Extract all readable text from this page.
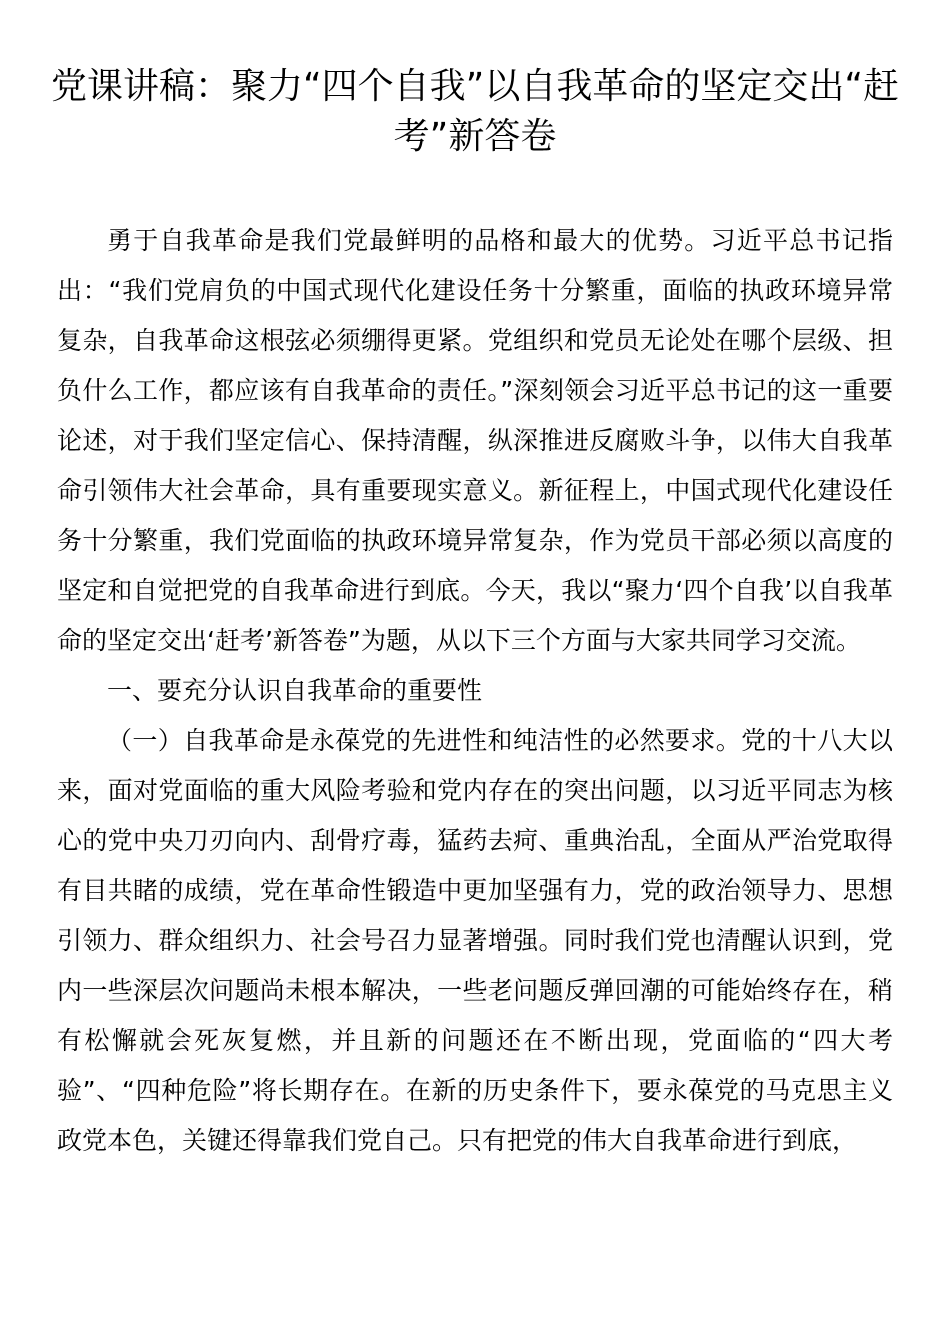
党课讲稿：聚力“四个自我”以自我革命的坚定交出“赶考”新答卷

勇于自我革命是我们党最鲜明的品格和最大的优势。习近平总书记指出：“我们党肩负的中国式现代化建设任务十分繁重，面临的执政环境异常复杂，自我革命这根弦必须绷得更紧。党组织和党员无论处在哪个层级、担负什么工作，都应该有自我革命的责任。”深刻领会习近平总书记的这一重要论述，对于我们坚定信心、保持清醒，纵深推进反腐败斗争，以伟大自我革命引领伟大社会革命，具有重要现实意义。新征程上，中国式现代化建设任务十分繁重，我们党面临的执政环境异常复杂，作为党员干部必须以高度的坚定和自觉把党的自我革命进行到底。今天，我以“聚力‘四个自我’以自我革命的坚定交出‘赶考’新答卷”为题，从以下三个方面与大家共同学习交流。

一、要充分认识自我革命的重要性

（一）自我革命是永葆党的先进性和纯洁性的必然要求。党的十八大以来，面对党面临的重大风险考验和党内存在的突出问题，以习近平同志为核心的党中央刀刃向内、刮骨疗毒，猛药去疴、重典治乱，全面从严治党取得有目共睹的成绩，党在革命性锻造中更加坚强有力，党的政治领导力、思想引领力、群众组织力、社会号召力显著增强。同时我们党也清醒认识到，党内一些深层次问题尚未根本解决，一些老问题反弹回潮的可能始终存在，稍有松懈就会死灰复燃，并且新的问题还在不断出现，党面临的“四大考验”、“四种危险”将长期存在。在新的历史条件下，要永葆党的马克思主义政党本色，关键还得靠我们党自己。只有把党的伟大自我革命进行到底，
